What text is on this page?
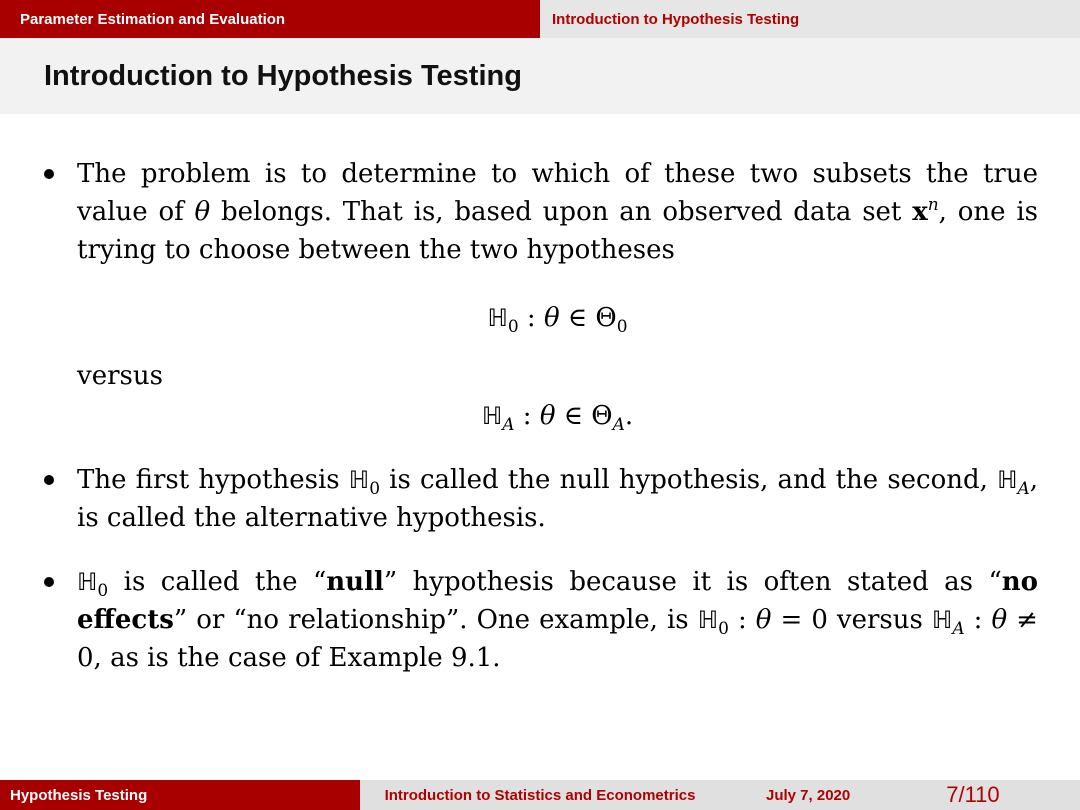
Parameter Estimation and Evaluation	Introduction to Hypothesis Testing
Introduction to Hypothesis Testing
The problem is to determine to which of these two subsets the true value of θ belongs. That is, based upon an observed data set $x^n$, one is trying to choose between the two hypotheses
ℍ$_0$ : θ ∈ $\Theta_0$
versus
ℍ$_A$ : θ ∈ $\Theta_A$.
The first hypothesis ℍ$_0$ is called the null hypothesis, and the second, ℍ$_A$, is called the alternative hypothesis.
ℍ$_0$ is called the “null” hypothesis because it is often stated as “no effects” or “no relationship”. One example, is ℍ$_0$ : θ = 0 versus ℍ$_A$ : θ ≠ 0, as is the case of Example 9.1.
Hypothesis Testing	Introduction to Statistics and Econometrics	July 7, 2020	7/110
